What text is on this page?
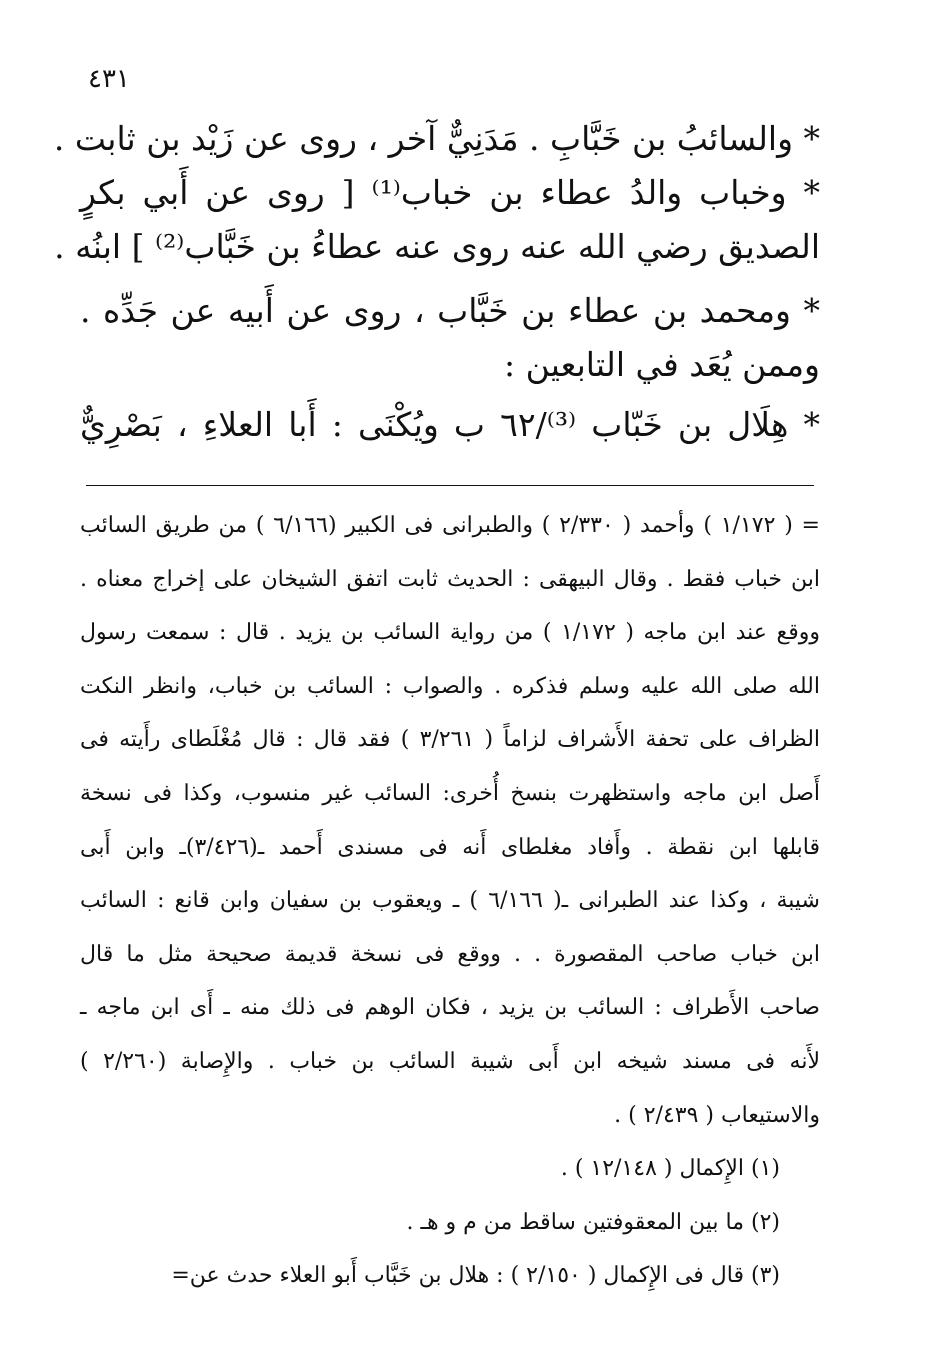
٤٣١
* والسائبُ بن خَبَّابِ . مَدَنِيٌّ آخر ، روى عن زَيْد بن ثابت .
* وخباب والدُ عطاء بن خباب⁽¹⁾ [ روى عن أَبي بكرٍ
الصديق رضي الله عنه روى عنه عطاءُ بن خَبَّاب⁽²⁾ ] ابنُه .
* ومحمد بن عطاء بن خَبَّاب ، روى عن أَبيه عن جَدِّه .
وممن يُعَد في التابعين :
* هِلَال بن خَبّاب ⁽³⁾/٦٢ ب ويُكْنَى : أَبا العلاءِ ، بَصْرِيٌّ
= ( ١/١٧٢ ) وأحمد ( ٢/٣٣٠ ) والطبرانى فى الكبير (٦/١٦٦ ) من طريق السائب
ابن خباب فقط . وقال البيهقى : الحديث ثابت اتفق الشيخان على إخراج معناه .
ووقع عند ابن ماجه ( ١/١٧٢ ) من رواية السائب بن يزيد . قال : سمعت رسول
الله صلى الله عليه وسلم فذكره . والصواب : السائب بن خباب، وانظر النكت
الظراف على تحفة الأَشراف لزاماً ( ٣/٢٦١ ) فقد قال : قال مُغْلَطاى رأَيته فى
أَصل ابن ماجه واستظهرت بنسخ أُخرى: السائب غير منسوب، وكذا فى نسخة
قابلها ابن نقطة . وأَفاد مغلطاى أَنه فى مسندى أَحمد ـ(٣/٤٢٦)ـ وابن أَبى
شيبة ، وكذا عند الطبرانى ـ( ٦/١٦٦ ) ـ ويعقوب بن سفيان وابن قانع : السائب
ابن خباب صاحب المقصورة . . ووقع فى نسخة قديمة صحيحة مثل ما قال
صاحب الأَطراف : السائب بن يزيد ، فكان الوهم فى ذلك منه ـ أَى ابن ماجه ـ
لأَنه فى مسند شيخه ابن أَبى شيبة السائب بن خباب . والإِصابة (٢/٢٦٠ )
والاستيعاب ( ٢/٤٣٩ ) .
(١) الإِكمال ( ١٢/١٤٨ ) .
(٢) ما بين المعقوفتين ساقط من م و هـ .
(٣) قال فى الإِكمال ( ٢/١٥٠ ) : هلال بن خَبَّاب أَبو العلاء حدث عن=
